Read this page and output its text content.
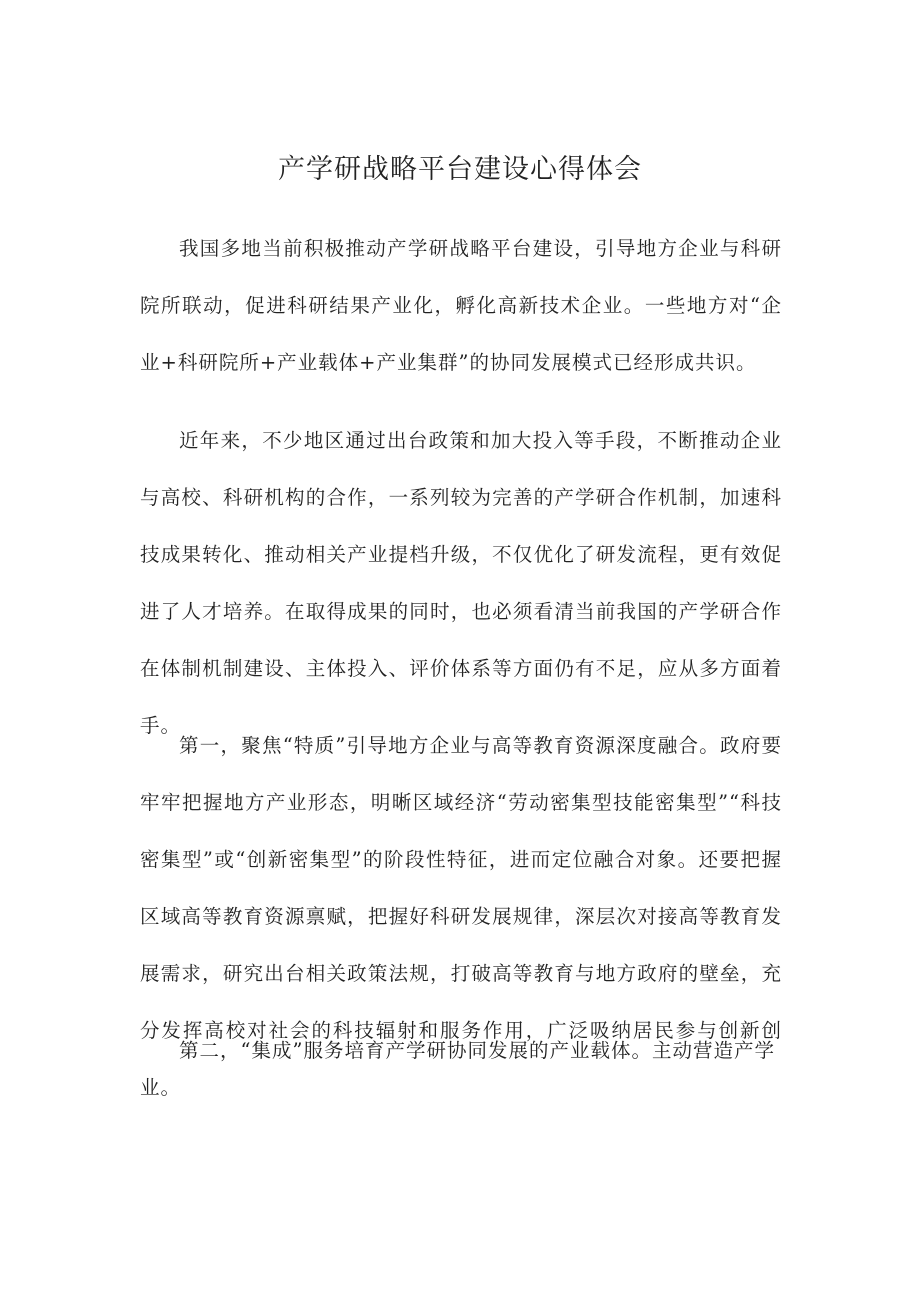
产学研战略平台建设心得体会

我国多地当前积极推动产学研战略平台建设，引导地方企业与科研院所联动，促进科研结果产业化，孵化高新技术企业。一些地方对“企业+科研院所+产业载体+产业集群”的协同发展模式已经形成共识。

近年来，不少地区通过出台政策和加大投入等手段，不断推动企业与高校、科研机构的合作，一系列较为完善的产学研合作机制，加速科技成果转化、推动相关产业提档升级，不仅优化了研发流程，更有效促进了人才培养。在取得成果的同时，也必须看清当前我国的产学研合作在体制机制建设、主体投入、评价体系等方面仍有不足，应从多方面着手。

第一，聚焦“特质”引导地方企业与高等教育资源深度融合。政府要牢牢把握地方产业形态，明晰区域经济“劳动密集型技能密集型”“科技密集型”或“创新密集型”的阶段性特征，进而定位融合对象。还要把握区域高等教育资源禀赋，把握好科研发展规律，深层次对接高等教育发展需求，研究出台相关政策法规，打破高等教育与地方政府的壁垒，充分发挥高校对社会的科技辐射和服务作用，广泛吸纳居民参与创新创业。

第二，“集成”服务培育产学研协同发展的产业载体。主动营造产学
